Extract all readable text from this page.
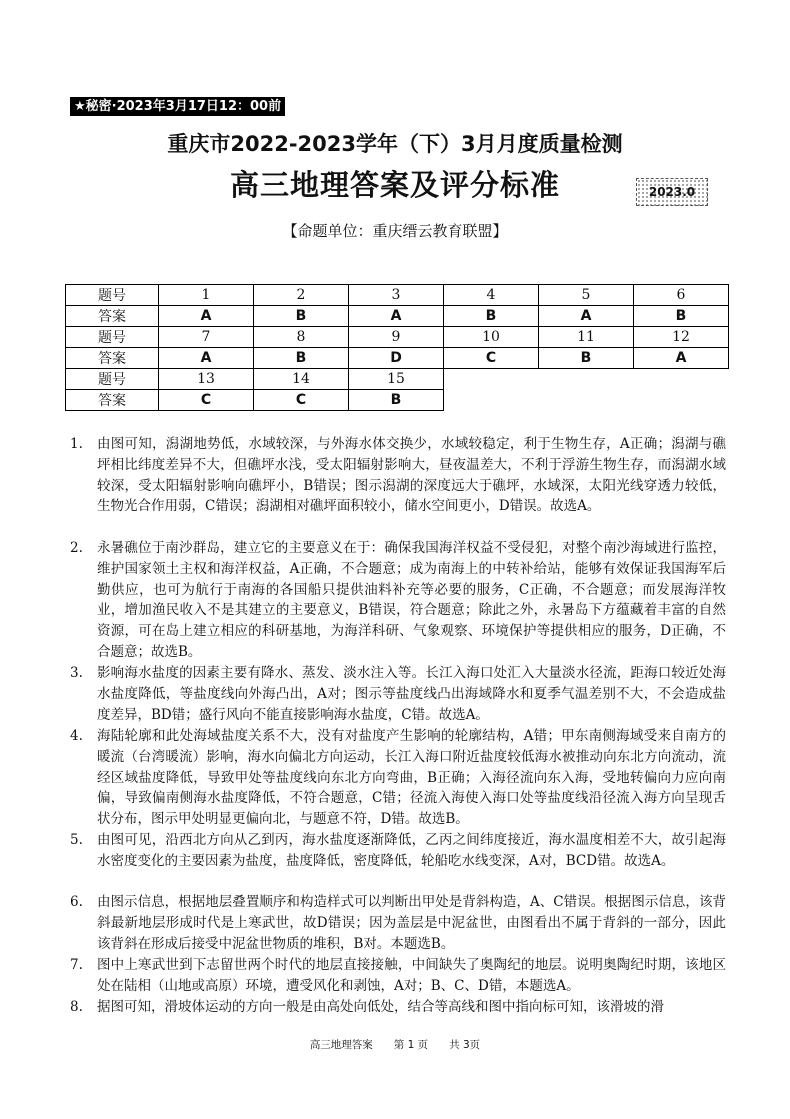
★秘密·2023年3月17日12：00前
重庆市2022-2023学年（下）3月月度质量检测
高三地理答案及评分标准	2023.0
【命题单位：重庆缙云教育联盟】
题号	1	2	3	4	5	6
答案	A	B	A	B	A	B
题号	7	8	9	10	11	12
答案	A	B	D	C	B	A
题号	13	14	15			
答案	C	C	B			
1. 由图可知，潟湖地势低，水域较深，与外海水体交换少，水域较稳定，利于生物生存，A正确；潟湖与礁坪相比纬度差异不大，但礁坪水浅，受太阳辐射影响大，昼夜温差大，不利于浮游生物生存，而潟湖水域较深，受太阳辐射影响向礁坪小，B错误；图示潟湖的深度远大于礁坪，水域深，太阳光线穿透力较低，生物光合作用弱，C错误；潟湖相对礁坪面积较小，储水空间更小，D错误。故选A。
2. 永暑礁位于南沙群岛，建立它的主要意义在于：确保我国海洋权益不受侵犯，对整个南沙海域进行监控，维护国家领土主权和海洋权益，A正确，不合题意；成为南海上的中转补给站，能够有效保证我国海军后勤供应，也可为航行于南海的各国船只提供油料补充等必要的服务，C正确，不合题意；而发展海洋牧业，增加渔民收入不是其建立的主要意义，B错误，符合题意；除此之外，永暑岛下方蕴藏着丰富的自然资源，可在岛上建立相应的科研基地，为海洋科研、气象观察、环境保护等提供相应的服务，D正确，不合题意；故选B。
3. 影响海水盐度的因素主要有降水、蒸发、淡水注入等。长江入海口处汇入大量淡水径流，距海口较近处海水盐度降低，等盐度线向外海凸出，A对；图示等盐度线凸出海域降水和夏季气温差别不大，不会造成盐度差异，BD错；盛行风向不能直接影响海水盐度，C错。故选A。
4. 海陆轮廓和此处海域盐度关系不大，没有对盐度产生影响的轮廓结构，A错；甲东南侧海域受来自南方的暖流（台湾暖流）影响，海水向偏北方向运动，长江入海口附近盐度较低海水被推动向东北方向流动，流经区域盐度降低，导致甲处等盐度线向东北方向弯曲，B正确；入海径流向东入海，受地转偏向力应向南偏，导致偏南侧海水盐度降低，不符合题意，C错；径流入海使入海口处等盐度线沿径流入海方向呈现舌状分布，图示甲处明显更偏向北，与题意不符，D错。故选B。
5. 由图可见，沿西北方向从乙到丙，海水盐度逐渐降低，乙丙之间纬度接近，海水温度相差不大，故引起海水密度变化的主要因素为盐度，盐度降低，密度降低，轮船吃水线变深，A对，BCD错。故选A。
6. 由图示信息，根据地层叠置顺序和构造样式可以判断出甲处是背斜构造，A、C错误。根据图示信息，该背斜最新地层形成时代是上寒武世，故D错误；因为盖层是中泥盆世，由图看出不属于背斜的一部分，因此该背斜在形成后接受中泥盆世物质的堆积，B对。本题选B。
7. 图中上寒武世到下志留世两个时代的地层直接接触，中间缺失了奥陶纪的地层。说明奥陶纪时期，该地区处在陆相（山地或高原）环境，遭受风化和剥蚀，A对；B、C、D错，本题选A。
8. 据图可知，滑坡体运动的方向一般是由高处向低处，结合等高线和图中指向标可知，该滑坡的滑
高三地理答案　　第 1 页　　共 3页
